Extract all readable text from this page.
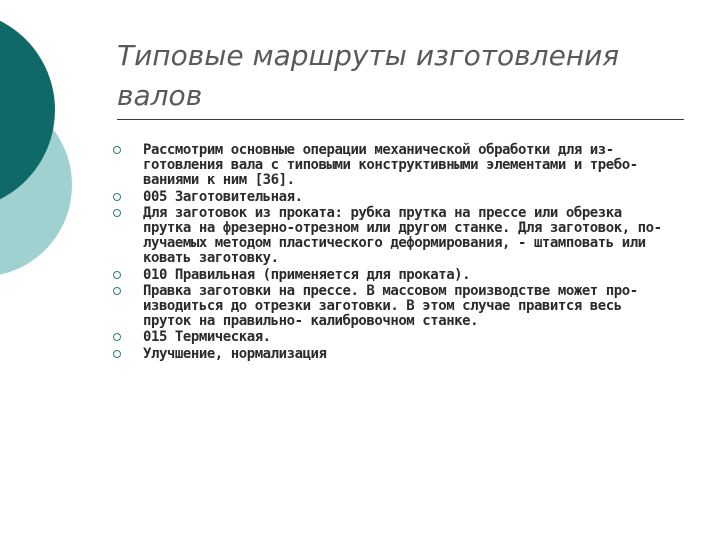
Типовые маршруты изготовления валов
Рассмотрим основные операции механической обработки для из-готовления вала с типовыми конструктивными элементами и требо-ваниями к ним [36].
005 Заготовительная.
Для заготовок из проката: рубка прутка на прессе или обрезка прутка на фрезерно-отрезном или другом станке. Для заготовок, по-лучаемых методом пластического деформирования, - штамповать или ковать заготовку.
010 Правильная (применяется для проката).
Правка заготовки на прессе. В массовом производстве может про-изводиться до отрезки заготовки. В этом случае правится весь пруток на правильно- калибровочном станке.
015 Термическая.
Улучшение, нормализация
